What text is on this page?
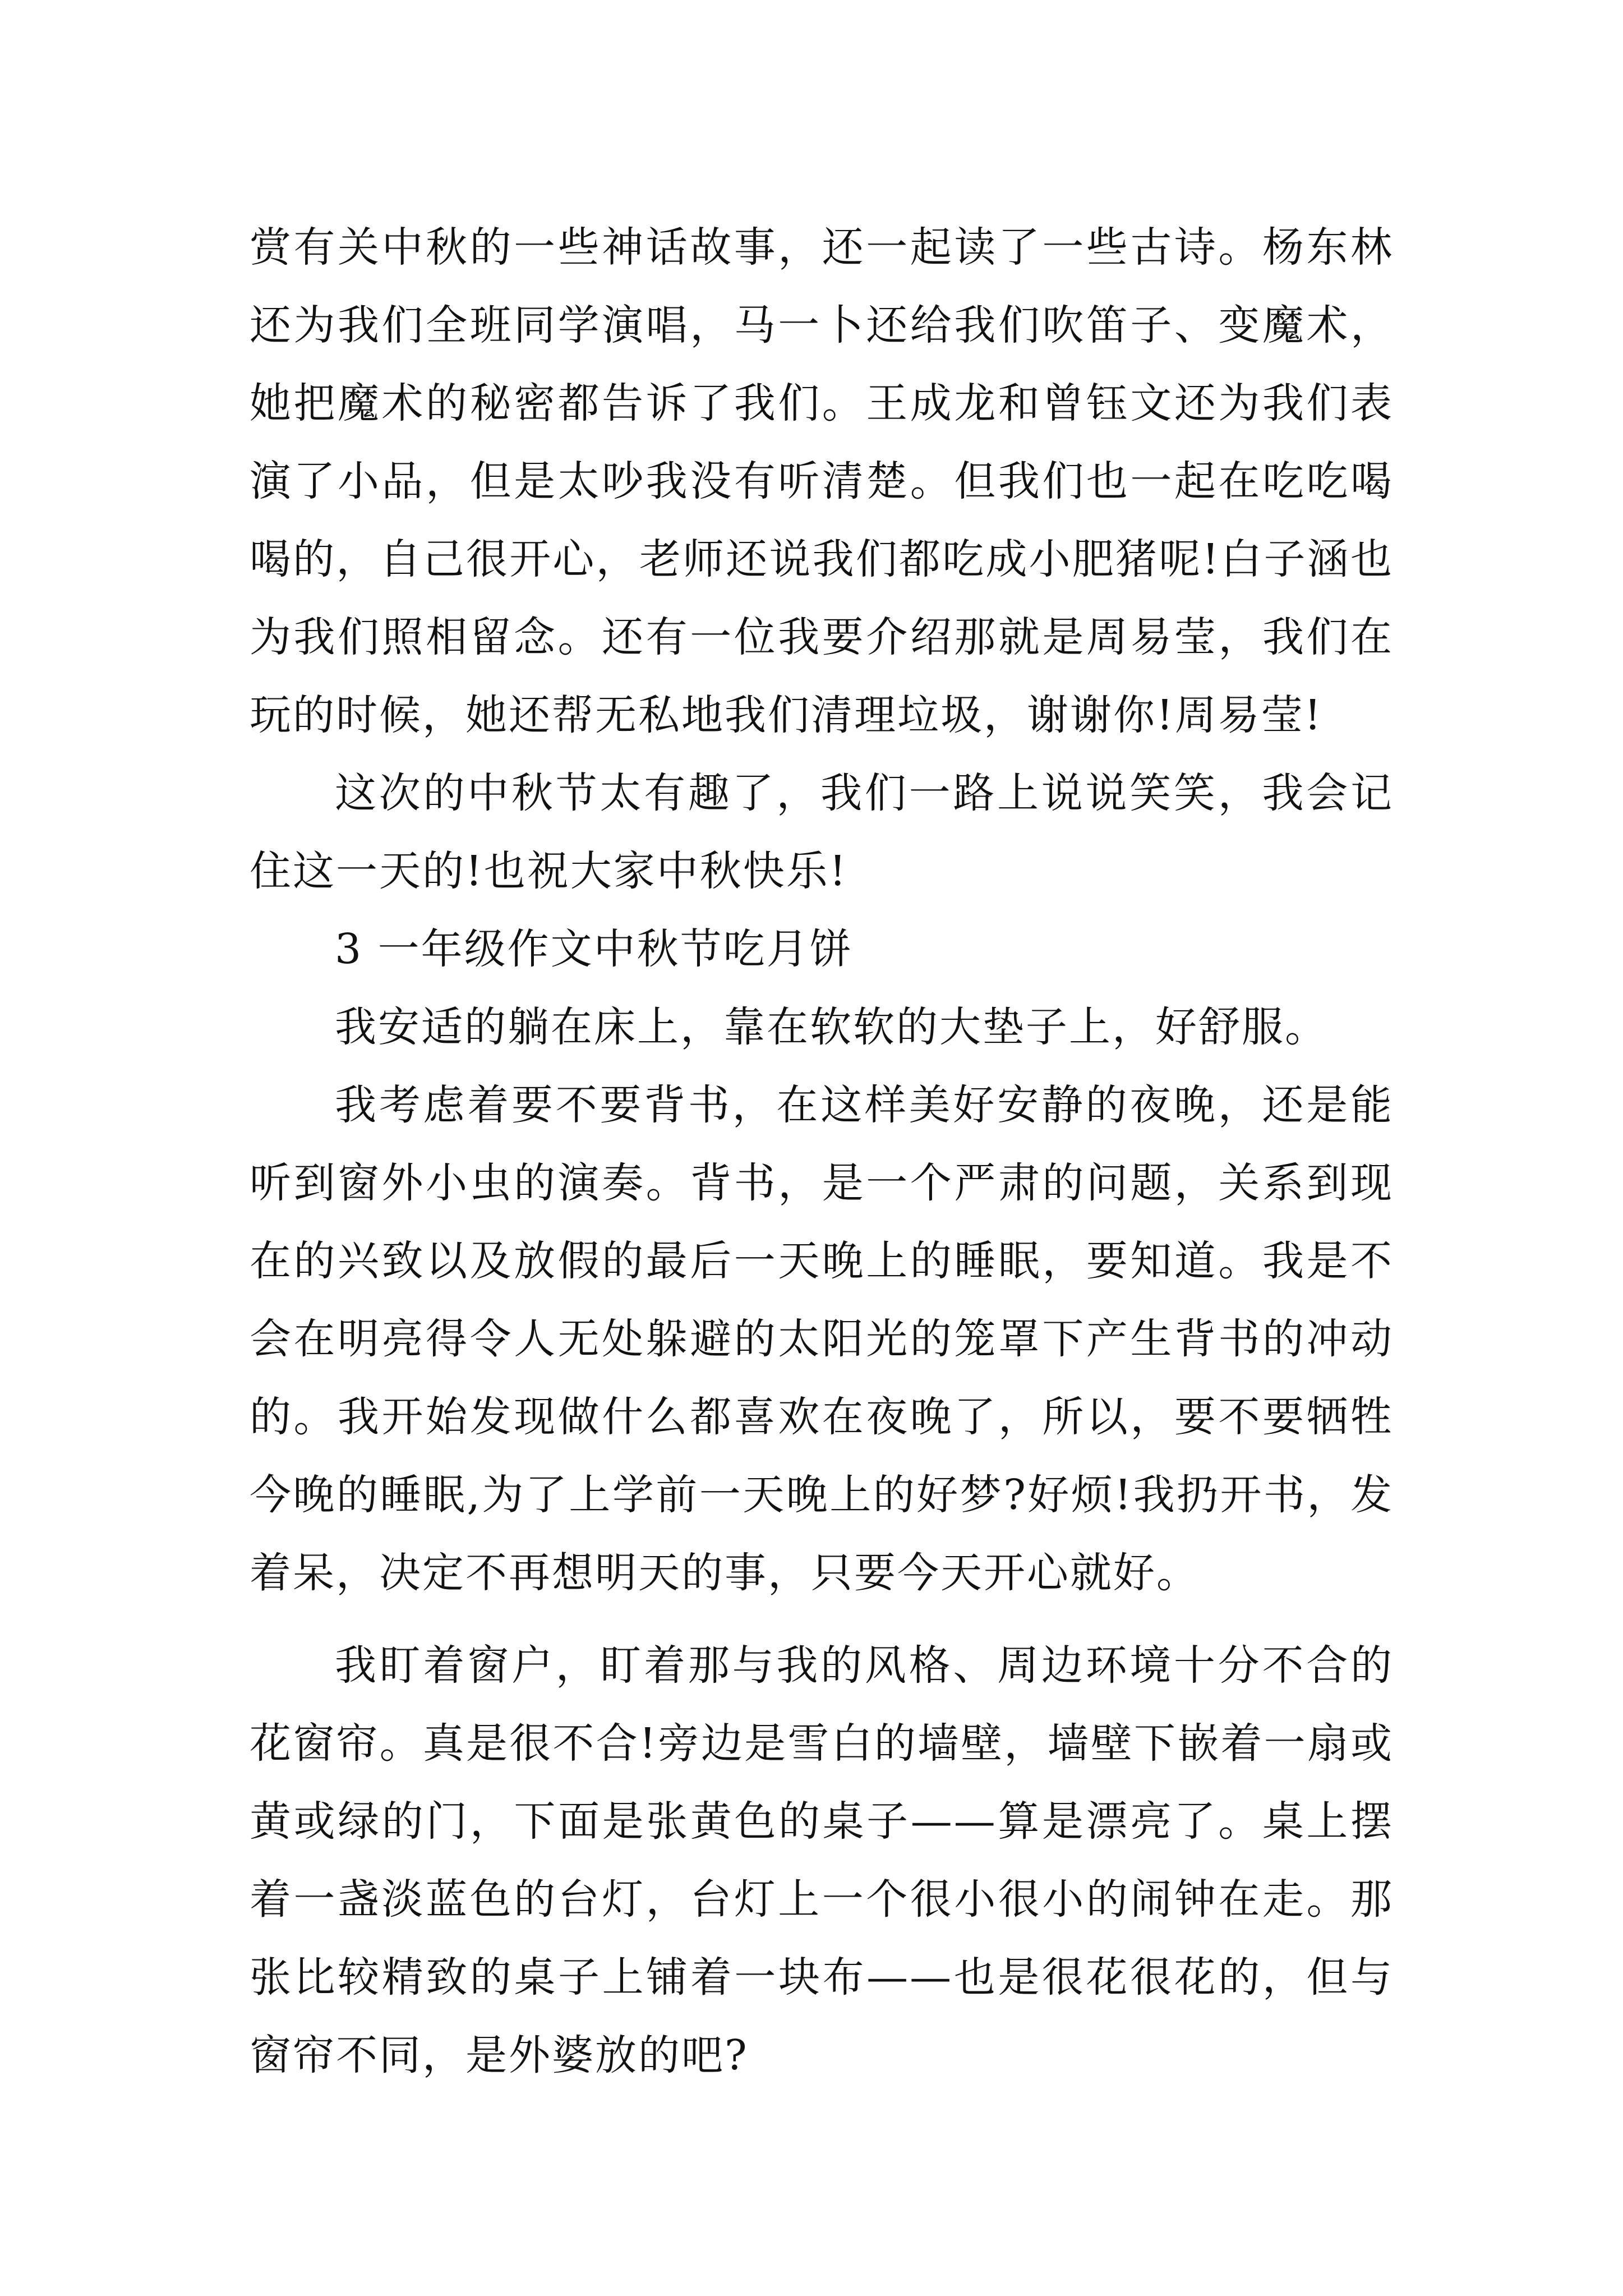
赏有关中秋的一些神话故事，还一起读了一些古诗。杨东林还为我们全班同学演唱，马一卜还给我们吹笛子、变魔术，她把魔术的秘密都告诉了我们。王成龙和曾钰文还为我们表演了小品，但是太吵我没有听清楚。但我们也一起在吃吃喝喝的，自己很开心，老师还说我们都吃成小肥猪呢!白子涵也为我们照相留念。还有一位我要介绍那就是周易莹，我们在玩的时候，她还帮无私地我们清理垃圾，谢谢你!周易莹!

这次的中秋节太有趣了，我们一路上说说笑笑，我会记住这一天的!也祝大家中秋快乐!

3 一年级作文中秋节吃月饼

我安适的躺在床上，靠在软软的大垫子上，好舒服。

我考虑着要不要背书，在这样美好安静的夜晚，还是能听到窗外小虫的演奏。背书，是一个严肃的问题，关系到现在的兴致以及放假的最后一天晚上的睡眠，要知道。我是不会在明亮得令人无处躲避的太阳光的笼罩下产生背书的冲动的。我开始发现做什么都喜欢在夜晚了，所以，要不要牺牲今晚的睡眠,为了上学前一天晚上的好梦?好烦!我扔开书，发着呆，决定不再想明天的事，只要今天开心就好。

我盯着窗户，盯着那与我的风格、周边环境十分不合的花窗帘。真是很不合!旁边是雪白的墙壁，墙壁下嵌着一扇或黄或绿的门，下面是张黄色的桌子——算是漂亮了。桌上摆着一盏淡蓝色的台灯，台灯上一个很小很小的闹钟在走。那张比较精致的桌子上铺着一块布——也是很花很花的，但与窗帘不同，是外婆放的吧?
